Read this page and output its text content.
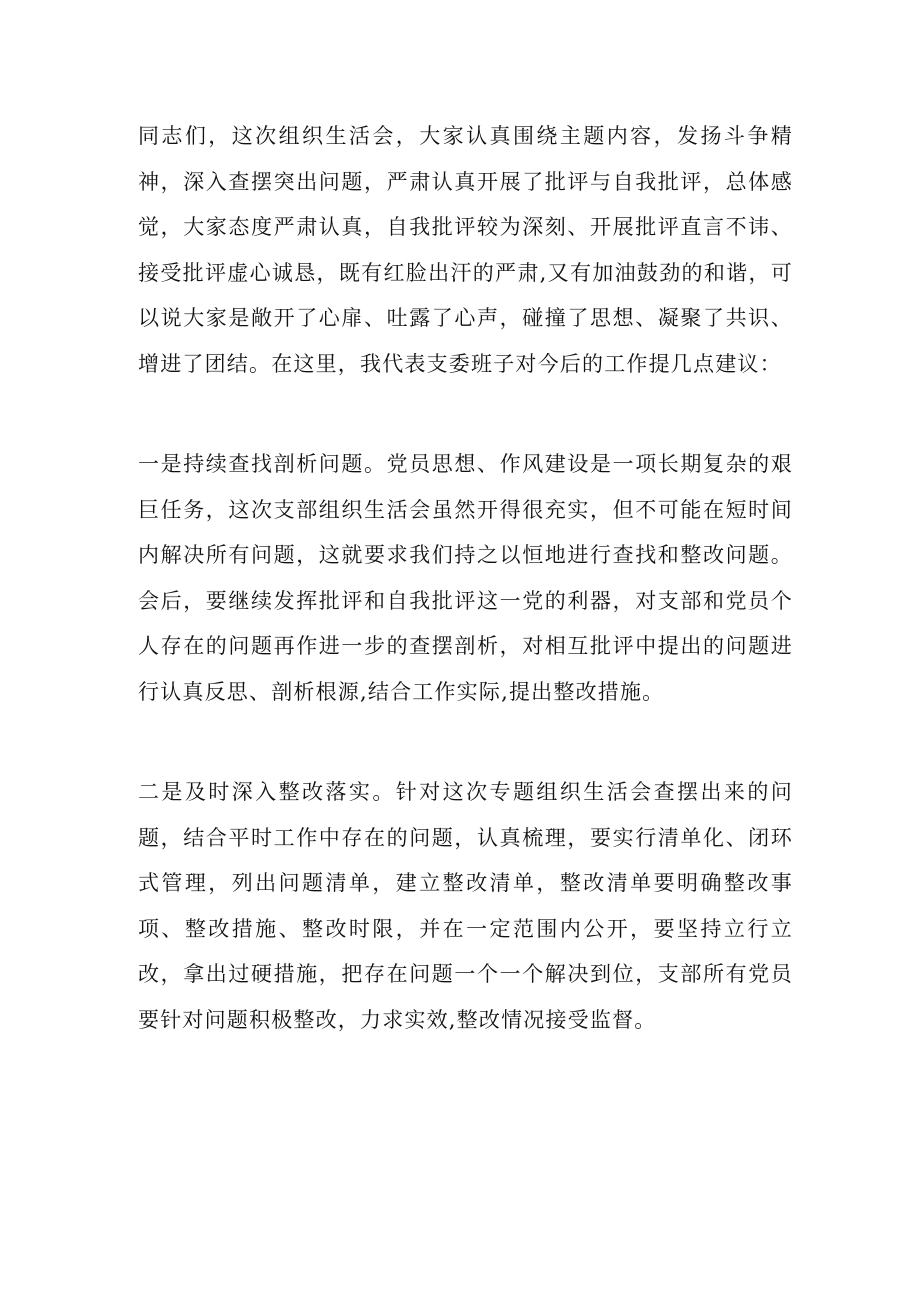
同志们，这次组织生活会，大家认真围绕主题内容，发扬斗争精神，深入查摆突出问题，严肃认真开展了批评与自我批评，总体感觉，大家态度严肃认真，自我批评较为深刻、开展批评直言不讳、接受批评虚心诚恳，既有红脸出汗的严肃,又有加油鼓劲的和谐，可以说大家是敞开了心扉、吐露了心声，碰撞了思想、凝聚了共识、增进了团结。在这里，我代表支委班子对今后的工作提几点建议：

一是持续查找剖析问题。党员思想、作风建设是一项长期复杂的艰巨任务，这次支部组织生活会虽然开得很充实，但不可能在短时间内解决所有问题，这就要求我们持之以恒地进行查找和整改问题。会后，要继续发挥批评和自我批评这一党的利器，对支部和党员个人存在的问题再作进一步的查摆剖析，对相互批评中提出的问题进行认真反思、剖析根源,结合工作实际,提出整改措施。

二是及时深入整改落实。针对这次专题组织生活会查摆出来的问题，结合平时工作中存在的问题，认真梳理，要实行清单化、闭环式管理，列出问题清单，建立整改清单，整改清单要明确整改事项、整改措施、整改时限，并在一定范围内公开，要坚持立行立改，拿出过硬措施，把存在问题一个一个解决到位，支部所有党员要针对问题积极整改，力求实效,整改情况接受监督。
